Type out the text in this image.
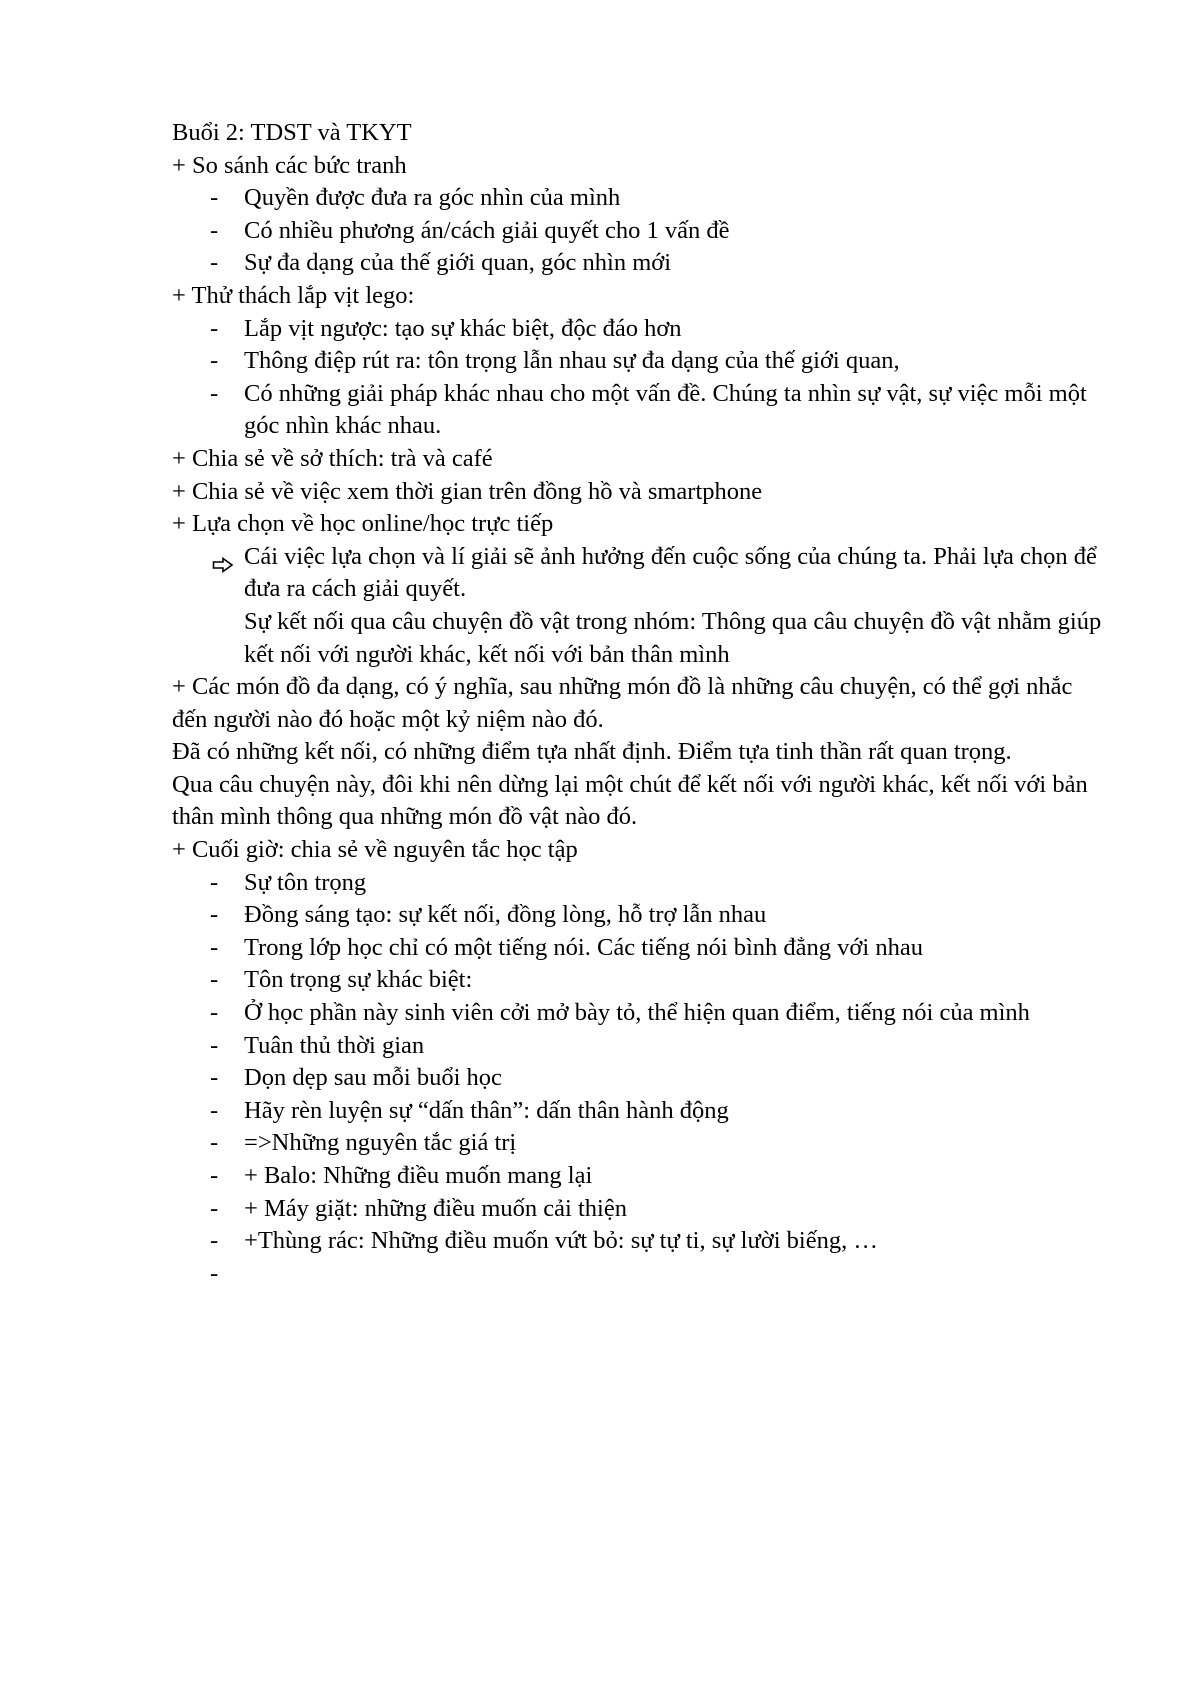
Buổi 2: TDST và TKYT

+ So sánh các bức tranh

-	Quyền được đưa ra góc nhìn của mình
-	Có nhiều phương án/cách giải quyết cho 1 vấn đề
-	Sự đa dạng của thế giới quan, góc nhìn mới

+ Thử thách lắp vịt lego:

-	Lắp vịt ngược: tạo sự khác biệt, độc đáo hơn
-	Thông điệp rút ra: tôn trọng lẫn nhau sự đa dạng của thế giới quan,
-	Có những giải pháp khác nhau cho một vấn đề. Chúng ta nhìn sự vật, sự việc mỗi một góc nhìn khác nhau.

+ Chia sẻ về sở thích: trà và café

+ Chia sẻ về việc xem thời gian trên đồng hồ và smartphone

+ Lựa chọn về học online/học trực tiếp

Cái việc lựa chọn và lí giải sẽ ảnh hưởng đến cuộc sống của chúng ta. Phải lựa chọn để đưa ra cách giải quyết.

Sự kết nối qua câu chuyện đồ vật trong nhóm: Thông qua câu chuyện đồ vật nhằm giúp kết nối với người khác, kết nối với bản thân mình

+ Các món đồ đa dạng, có ý nghĩa, sau những món đồ là những câu chuyện, có thể gợi nhắc đến người nào đó hoặc một kỷ niệm nào đó.

Đã có những kết nối, có những điểm tựa nhất định. Điểm tựa tinh thần rất quan trọng.

Qua câu chuyện này, đôi khi nên dừng lại một chút để kết nối với người khác, kết nối với bản thân mình thông qua những món đồ vật nào đó.

+ Cuối giờ: chia sẻ về nguyên tắc học tập

-	Sự tôn trọng
-	Đồng sáng tạo: sự kết nối, đồng lòng, hỗ trợ lẫn nhau
-	Trong lớp học chỉ có một tiếng nói. Các tiếng nói bình đẳng với nhau
-	Tôn trọng sự khác biệt:
-	Ở học phần này sinh viên cởi mở bày tỏ, thể hiện quan điểm, tiếng nói của mình
-	Tuân thủ thời gian
-	Dọn dẹp sau mỗi buổi học
-	Hãy rèn luyện sự “dấn thân”: dấn thân hành động
-	=>Những nguyên tắc giá trị
-	+ Balo: Những điều muốn mang lại
-	+ Máy giặt: những điều muốn cải thiện
-	+Thùng rác: Những điều muốn vứt bỏ: sự tự ti, sự lười biếng, …
-
